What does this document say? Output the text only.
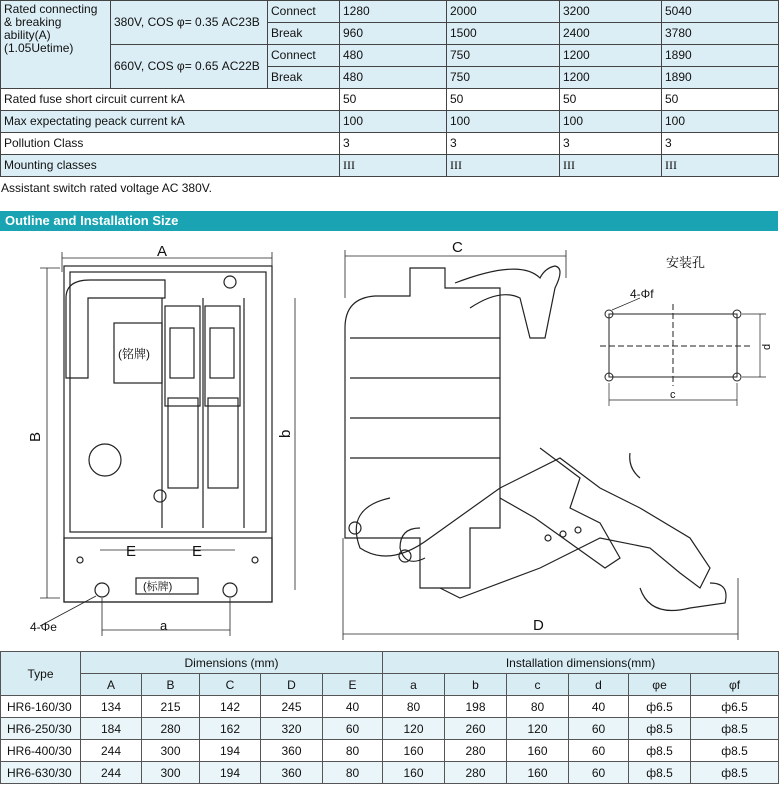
Rated connecting & breaking ability(A) (1.05Uetime)	380V, COS φ= 0.35 AC23B	Connect	1280	2000	3200	5040
		Break	960	1500	2400	3780
	660V, COS φ= 0.65 AC22B	Connect	480	750	1200	1890
		Break	480	750	1200	1890
Rated fuse short circuit current kA			50	50	50	50
Max expectating peack current kA			100	100	100	100
Pollution Class			3	3	3	3
Mounting classes			III	III	III	III
Assistant switch rated voltage AC 380V.
Outline and Installation Size
A
B	b
E	E
a
4-Φe
(铭牌)
(标牌)
C
D
安装孔
4-Φf
d
c
Type	Dimensions (mm)					Installation dimensions(mm)					
	A	B	C	D	E	a	b	c	d	φe	φf
HR6-160/30	134	215	142	245	40	80	198	80	40	ф6.5	ф6.5
HR6-250/30	184	280	162	320	60	120	260	120	60	ф8.5	ф8.5
HR6-400/30	244	300	194	360	80	160	280	160	60	ф8.5	ф8.5
HR6-630/30	244	300	194	360	80	160	280	160	60	ф8.5	ф8.5
